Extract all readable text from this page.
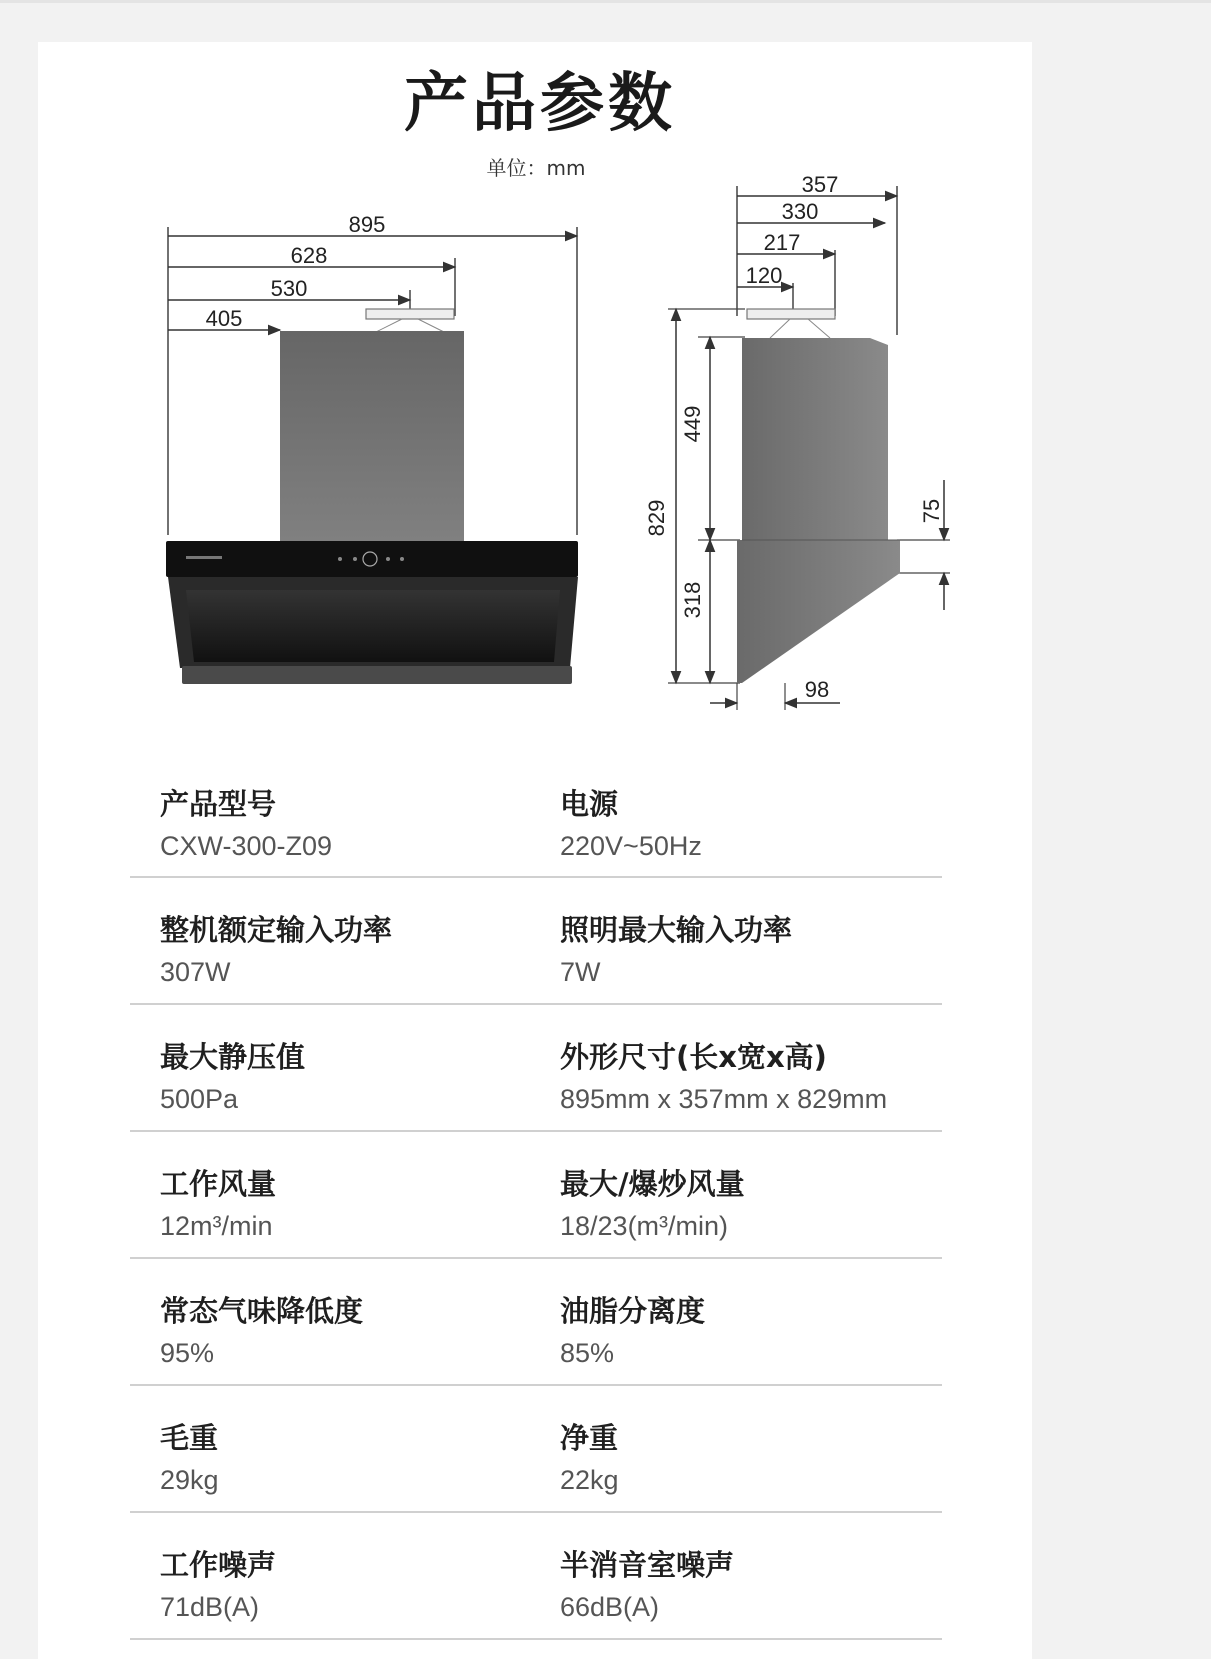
产品参数
单位：mm
895
628
530
405
357
330
217
120
829
449
318
75
98
产品型号
CXW-300-Z09
电源
220V~50Hz
整机额定输入功率
307W
照明最大输入功率
7W
最大静压值
500Pa
外形尺寸(长x宽x高)
895mm x 357mm x 829mm
工作风量
12m³/min
最大/爆炒风量
18/23(m³/min)
常态气味降低度
95%
油脂分离度
85%
毛重
29kg
净重
22kg
工作噪声
71dB(A)
半消音室噪声
66dB(A)
